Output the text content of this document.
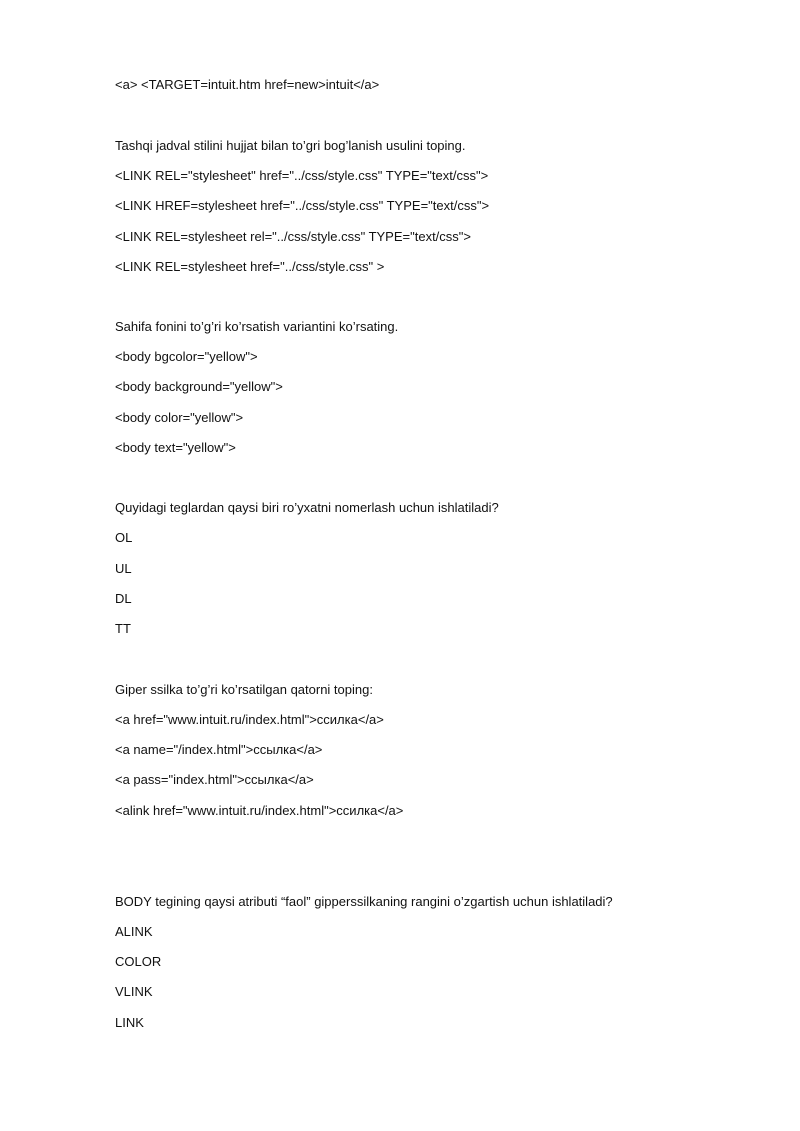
<a> <TARGET=intuit.htm href=new>intuit</a>
Tashqi jadval stilini hujjat bilan to’gri bog’lanish usulini toping.
<LINK REL="stylesheet" href="../css/style.css" TYPE="text/css">
<LINK HREF=stylesheet href="../css/style.css" TYPE="text/css">
<LINK REL=stylesheet rel="../css/style.css" TYPE="text/css">
<LINK REL=stylesheet href="../css/style.css" >
Sahifa fonini to’g’ri ko’rsatish variantini ko’rsating.
<body bgcolor="yellow">
<body background="yellow">
<body color="yellow">
<body text="yellow">
Quyidagi teglardan qaysi biri ro’yxatni nomerlash uchun ishlatiladi?
OL
UL
DL
TT
Giper ssilka to’g’ri ko’rsatilgan qatorni toping:
<a href="www.intuit.ru/index.html">ссилка</a>
<a name="/index.html">ссылка</a>
<a pass="index.html">ссылка</a>
<alink href="www.intuit.ru/index.html">ссилка</a>
BODY tegining qaysi atributi “faol” gipperssilkaning rangini o’zgartish uchun ishlatiladi?
ALINK
COLOR
VLINK
LINK
